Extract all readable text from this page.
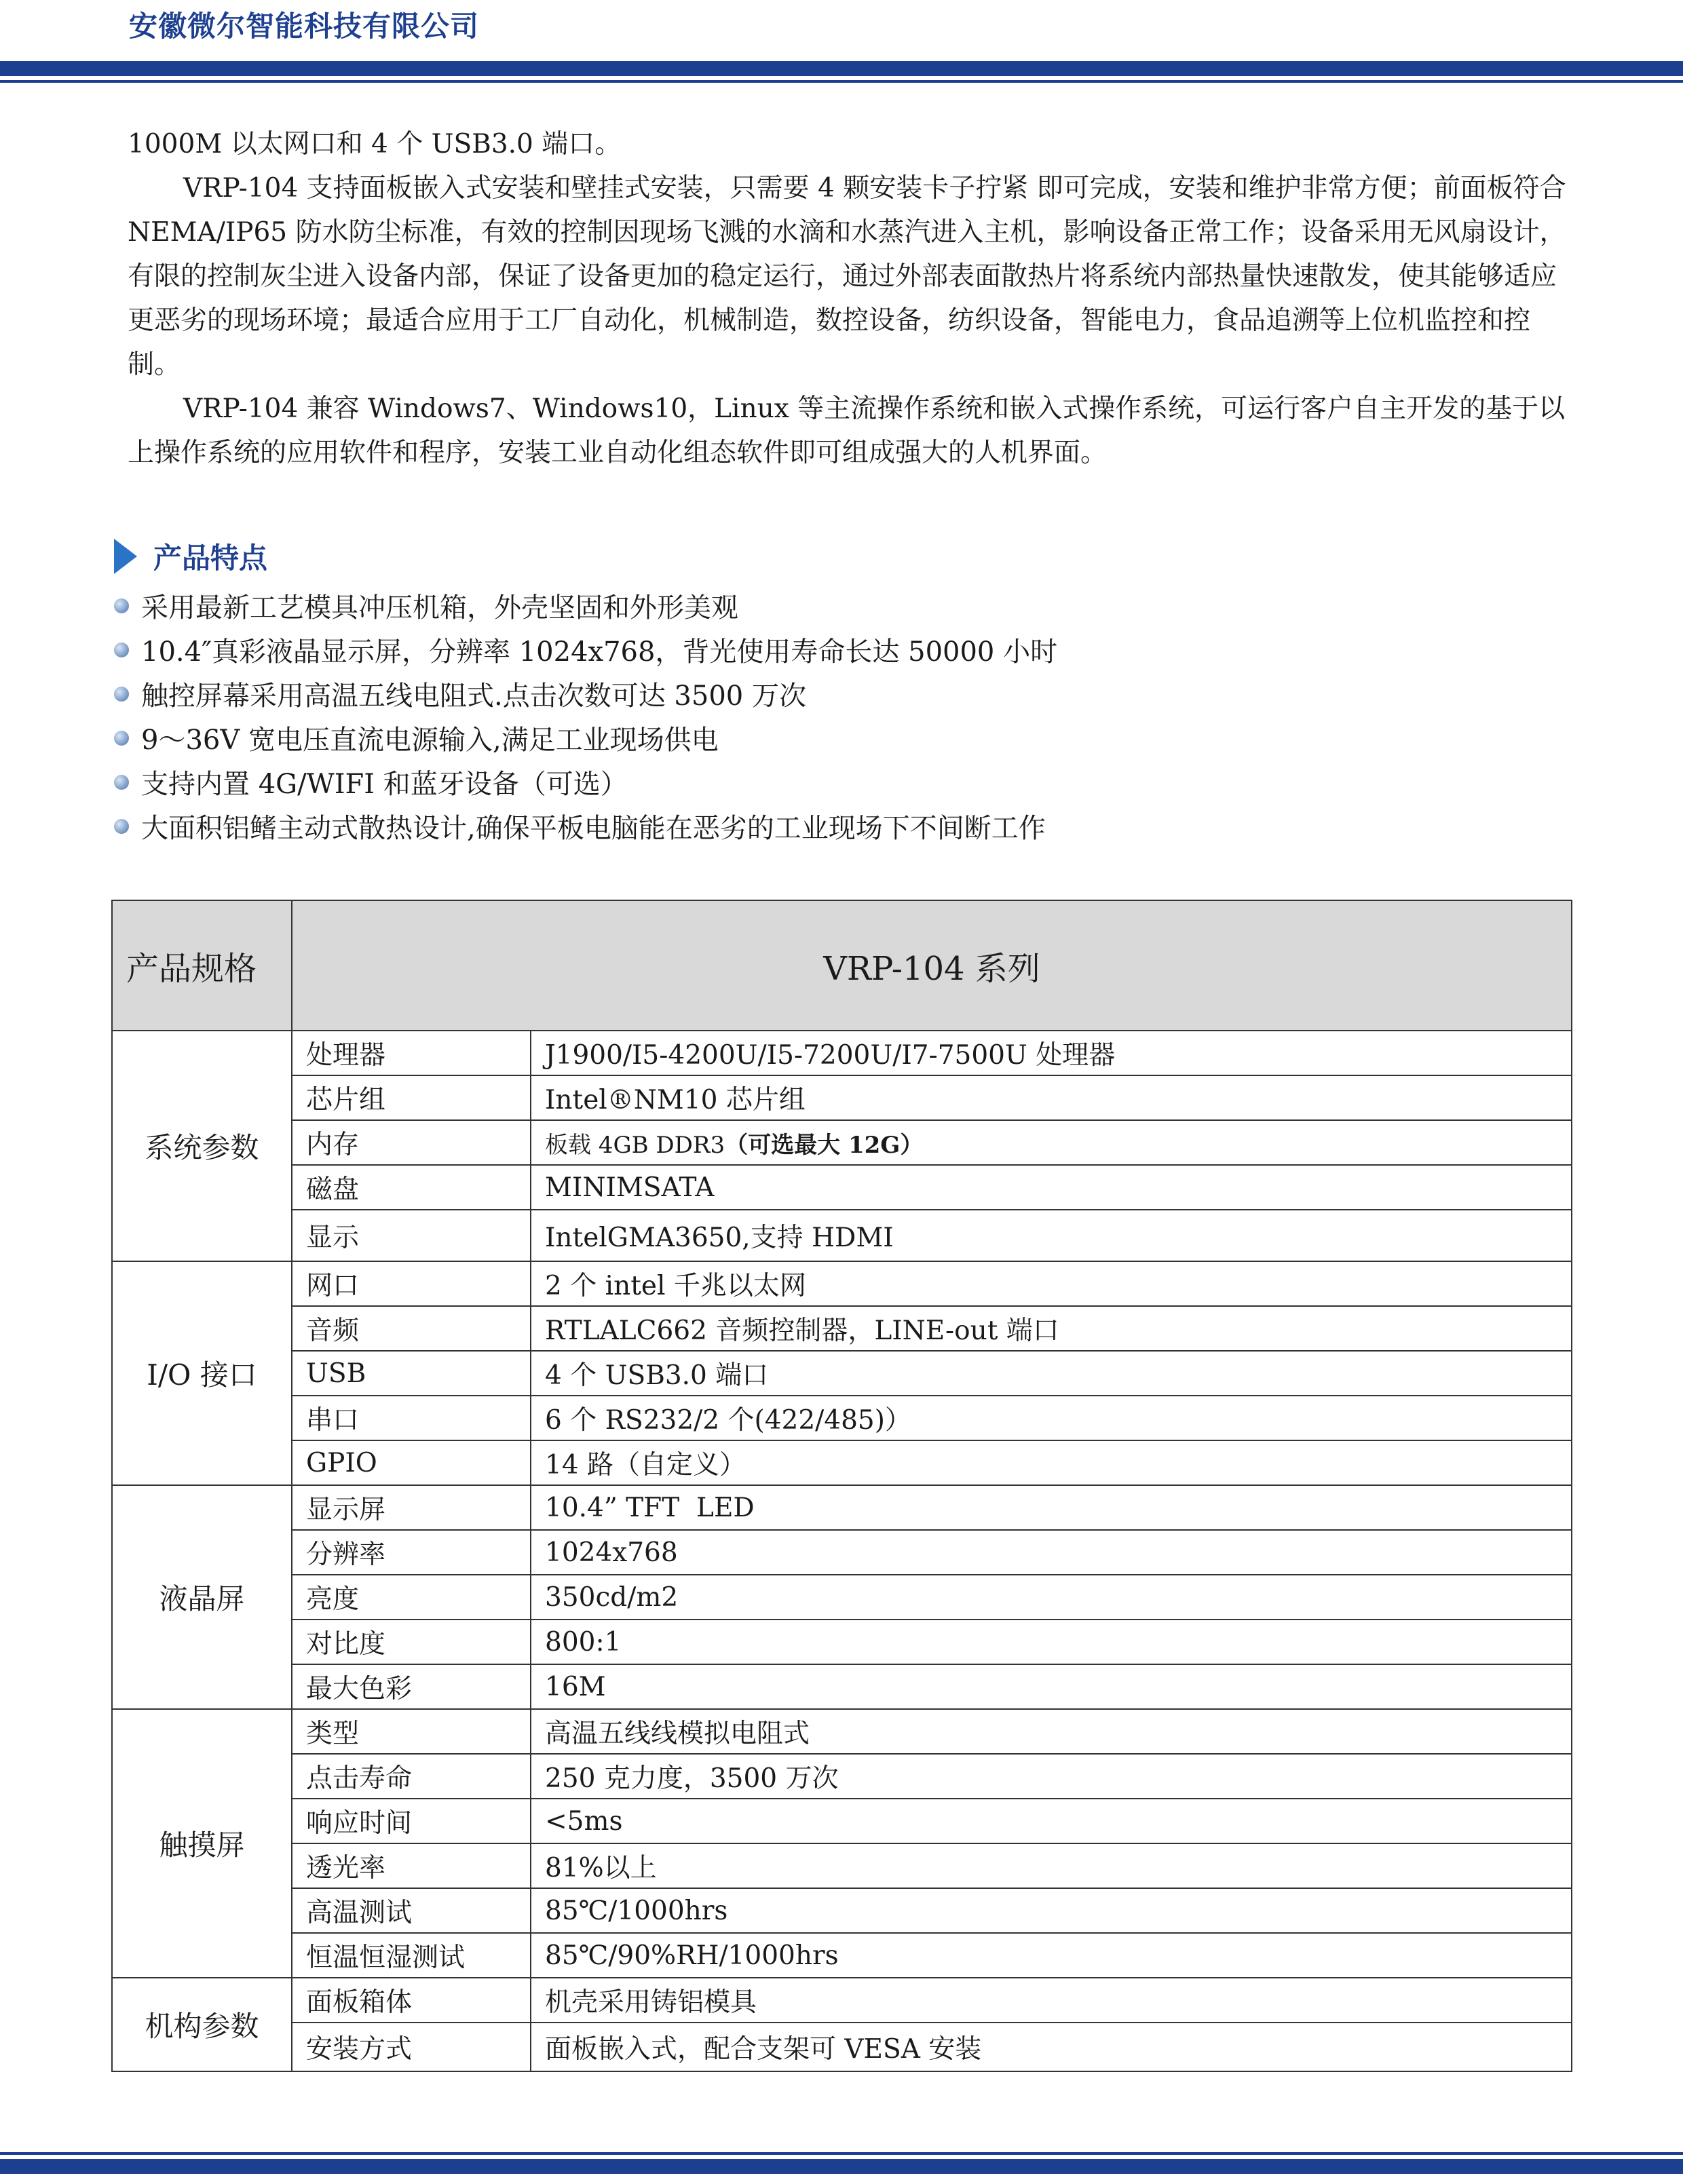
安徽微尔智能科技有限公司

1000M 以太网口和 4 个 USB3.0 端口。

VRP-104 支持面板嵌入式安装和壁挂式安装，只需要 4 颗安装卡子拧紧 即可完成，安装和维护非常方便；前面板符合 NEMA/IP65 防水防尘标准，有效的控制因现场飞溅的水滴和水蒸汽进入主机，影响设备正常工作；设备采用无风扇设计，有限的控制灰尘进入设备内部，保证了设备更加的稳定运行，通过外部表面散热片将系统内部热量快速散发，使其能够适应更恶劣的现场环境；最适合应用于工厂自动化，机械制造，数控设备，纺织设备，智能电力，食品追溯等上位机监控和控制。

VRP-104 兼容 Windows7、Windows10，Linux 等主流操作系统和嵌入式操作系统，可运行客户自主开发的基于以上操作系统的应用软件和程序，安装工业自动化组态软件即可组成强大的人机界面。

产品特点
采用最新工艺模具冲压机箱，外壳坚固和外形美观
10.4″真彩液晶显示屏，分辨率 1024x768，背光使用寿命长达 50000 小时
触控屏幕采用高温五线电阻式.点击次数可达 3500 万次
9～36V 宽电压直流电源输入,满足工业现场供电
支持内置 4G/WIFI 和蓝牙设备（可选）
大面积铝鳍主动式散热设计,确保平板电脑能在恶劣的工业现场下不间断工作
产品规格	VRP-104 系列	
系统参数	处理器	J1900/I5-4200U/I5-7200U/I7-7500U 处理器
	芯片组	Intel®NM10 芯片组
	内存	板载 4GB DDR3（可选最大 12G）
	磁盘	MINIMSATA
	显示	IntelGMA3650,支持 HDMI
I/O 接口	网口	2 个 intel 千兆以太网
	音频	RTLALC662 音频控制器，LINE-out 端口
	USB	4 个 USB3.0 端口
	串口	6 个 RS232/2 个(422/485)）
	GPIO	14 路（自定义）
液晶屏	显示屏	10.4” TFT  LED
	分辨率	1024x768
	亮度	350cd/m2
	对比度	800:1
	最大色彩	16M
触摸屏	类型	高温五线线模拟电阻式
	点击寿命	250 克力度，3500 万次
	响应时间	<5ms
	透光率	81%以上
	高温测试	85℃/1000hrs
	恒温恒湿测试	85℃/90%RH/1000hrs
机构参数	面板箱体	机壳采用铸铝模具
	安装方式	面板嵌入式，配合支架可 VESA 安装
